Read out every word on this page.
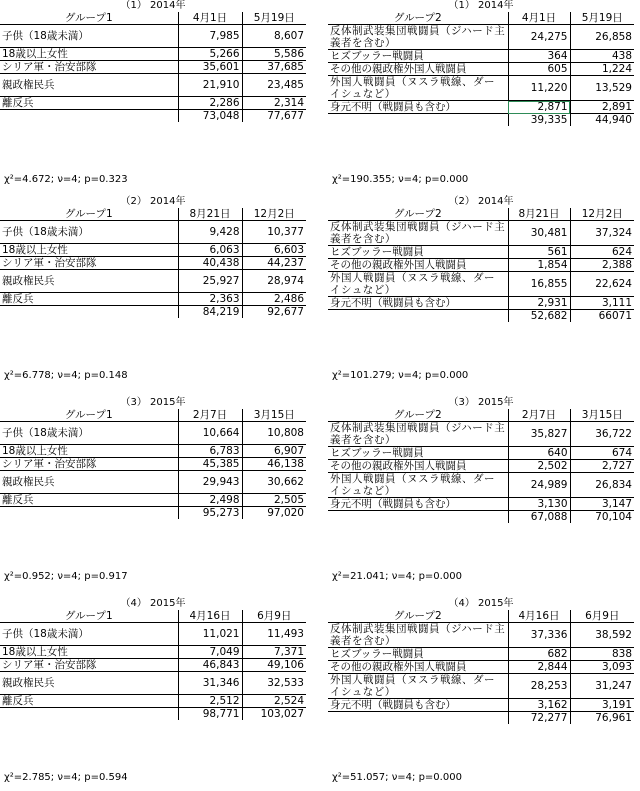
（1） 2014年
グループ1	4月1日	5月19日
子供（18歳未満）	7,985	8,607
18歳以上女性	5,266	5,586
シリア軍・治安部隊	35,601	37,685
親政権民兵	21,910	23,485
離反兵	2,286	2,314
	73,048	77,677
χ²=4.672; ν=4; p=0.323
（1） 2014年
グループ2	4月1日	5月19日
反体制武装集団戦闘員（ジハード主義者を含む）	24,275	26,858
ヒズブッラー戦闘員	364	438
その他の親政権外国人戦闘員	605	1,224
外国人戦闘員（ヌスラ戦線、ダーイシュなど）	11,220	13,529
身元不明（戦闘員も含む）	2,871	2,891
	39,335	44,940
χ²=190.355; ν=4; p=0.000
（2） 2014年
グループ1	8月21日	12月2日
子供（18歳未満）	9,428	10,377
18歳以上女性	6,063	6,603
シリア軍・治安部隊	40,438	44,237
親政権民兵	25,927	28,974
離反兵	2,363	2,486
	84,219	92,677
χ²=6.778; ν=4; p=0.148
（2） 2014年
グループ2	8月21日	12月2日
反体制武装集団戦闘員（ジハード主義者を含む）	30,481	37,324
ヒズブッラー戦闘員	561	624
その他の親政権外国人戦闘員	1,854	2,388
外国人戦闘員（ヌスラ戦線、ダーイシュなど）	16,855	22,624
身元不明（戦闘員も含む）	2,931	3,111
	52,682	66071
χ²=101.279; ν=4; p=0.000
（3） 2015年
グループ1	2月7日	3月15日
子供（18歳未満）	10,664	10,808
18歳以上女性	6,783	6,907
シリア軍・治安部隊	45,385	46,138
親政権民兵	29,943	30,662
離反兵	2,498	2,505
	95,273	97,020
χ²=0.952; ν=4; p=0.917
（3） 2015年
グループ2	2月7日	3月15日
反体制武装集団戦闘員（ジハード主義者を含む）	35,827	36,722
ヒズブッラー戦闘員	640	674
その他の親政権外国人戦闘員	2,502	2,727
外国人戦闘員（ヌスラ戦線、ダーイシュなど）	24,989	26,834
身元不明（戦闘員も含む）	3,130	3,147
	67,088	70,104
χ²=21.041; ν=4; p=0.000
（4） 2015年
グループ1	4月16日	6月9日
子供（18歳未満）	11,021	11,493
18歳以上女性	7,049	7,371
シリア軍・治安部隊	46,843	49,106
親政権民兵	31,346	32,533
離反兵	2,512	2,524
	98,771	103,027
χ²=2.785; ν=4; p=0.594
（4） 2015年
グループ2	4月16日	6月9日
反体制武装集団戦闘員（ジハード主義者を含む）	37,336	38,592
ヒズブッラー戦闘員	682	838
その他の親政権外国人戦闘員	2,844	3,093
外国人戦闘員（ヌスラ戦線、ダーイシュなど）	28,253	31,247
身元不明（戦闘員も含む）	3,162	3,191
	72,277	76,961
χ²=51.057; ν=4; p=0.000
